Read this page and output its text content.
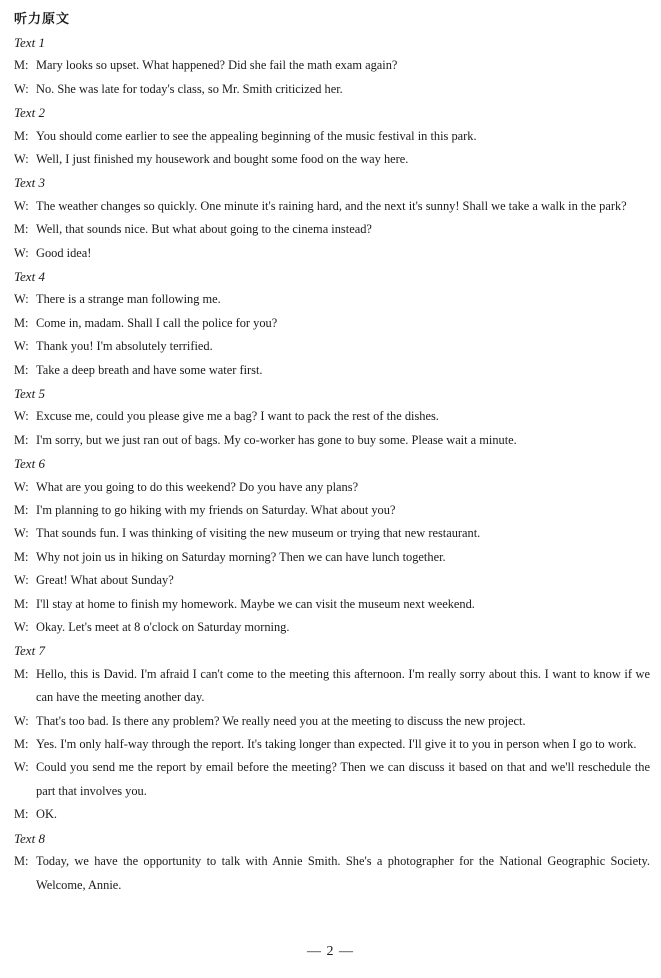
听力原文
Text 1
M: Mary looks so upset. What happened? Did she fail the math exam again?
W: No. She was late for today's class, so Mr. Smith criticized her.
Text 2
M: You should come earlier to see the appealing beginning of the music festival in this park.
W: Well, I just finished my housework and bought some food on the way here.
Text 3
W: The weather changes so quickly. One minute it's raining hard, and the next it's sunny! Shall we take a walk in the park?
M: Well, that sounds nice. But what about going to the cinema instead?
W: Good idea!
Text 4
W: There is a strange man following me.
M: Come in, madam. Shall I call the police for you?
W: Thank you! I'm absolutely terrified.
M: Take a deep breath and have some water first.
Text 5
W: Excuse me, could you please give me a bag? I want to pack the rest of the dishes.
M: I'm sorry, but we just ran out of bags. My co-worker has gone to buy some. Please wait a minute.
Text 6
W: What are you going to do this weekend? Do you have any plans?
M: I'm planning to go hiking with my friends on Saturday. What about you?
W: That sounds fun. I was thinking of visiting the new museum or trying that new restaurant.
M: Why not join us in hiking on Saturday morning? Then we can have lunch together.
W: Great! What about Sunday?
M: I'll stay at home to finish my homework. Maybe we can visit the museum next weekend.
W: Okay. Let's meet at 8 o'clock on Saturday morning.
Text 7
M: Hello, this is David. I'm afraid I can't come to the meeting this afternoon. I'm really sorry about this. I want to know if we can have the meeting another day.
W: That's too bad. Is there any problem? We really need you at the meeting to discuss the new project.
M: Yes. I'm only half-way through the report. It's taking longer than expected. I'll give it to you in person when I go to work.
W: Could you send me the report by email before the meeting? Then we can discuss it based on that and we'll reschedule the part that involves you.
M: OK.
Text 8
M: Today, we have the opportunity to talk with Annie Smith. She's a photographer for the National Geographic Society. Welcome, Annie.
— 2 —
